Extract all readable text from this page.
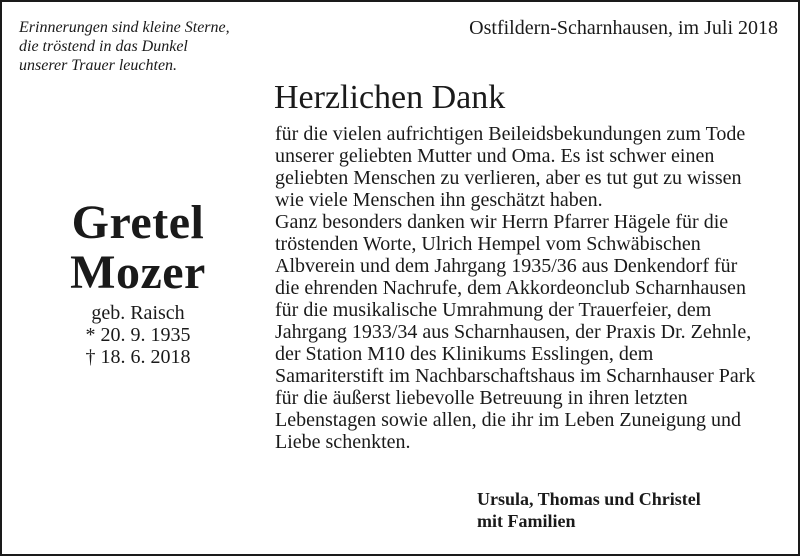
Erinnerungen sind kleine Sterne,
die tröstend in das Dunkel
unserer Trauer leuchten.
Ostfildern-Scharnhausen, im Juli 2018
Gretel
Mozer
geb. Raisch
* 20. 9. 1935
† 18. 6. 2018
Herzlichen Dank
für die vielen aufrichtigen Beileidsbekundungen zum Tode
unserer geliebten Mutter und Oma. Es ist schwer einen
geliebten Menschen zu verlieren, aber es tut gut zu wissen
wie viele Menschen ihn geschätzt haben.
Ganz besonders danken wir Herrn Pfarrer Hägele für die
tröstenden Worte, Ulrich Hempel vom Schwäbischen
Albverein und dem Jahrgang 1935/36 aus Denkendorf für
die ehrenden Nachrufe, dem Akkordeonclub Scharnhausen
für die musikalische Umrahmung der Trauerfeier, dem
Jahrgang 1933/34 aus Scharnhausen, der Praxis Dr. Zehnle,
der Station M10 des Klinikums Esslingen, dem
Samariterstift im Nachbarschaftshaus im Scharnhauser Park
für die äußerst liebevolle Betreuung in ihren letzten
Lebenstagen sowie allen, die ihr im Leben Zuneigung und
Liebe schenkten.
Ursula, Thomas und Christel
mit Familien
